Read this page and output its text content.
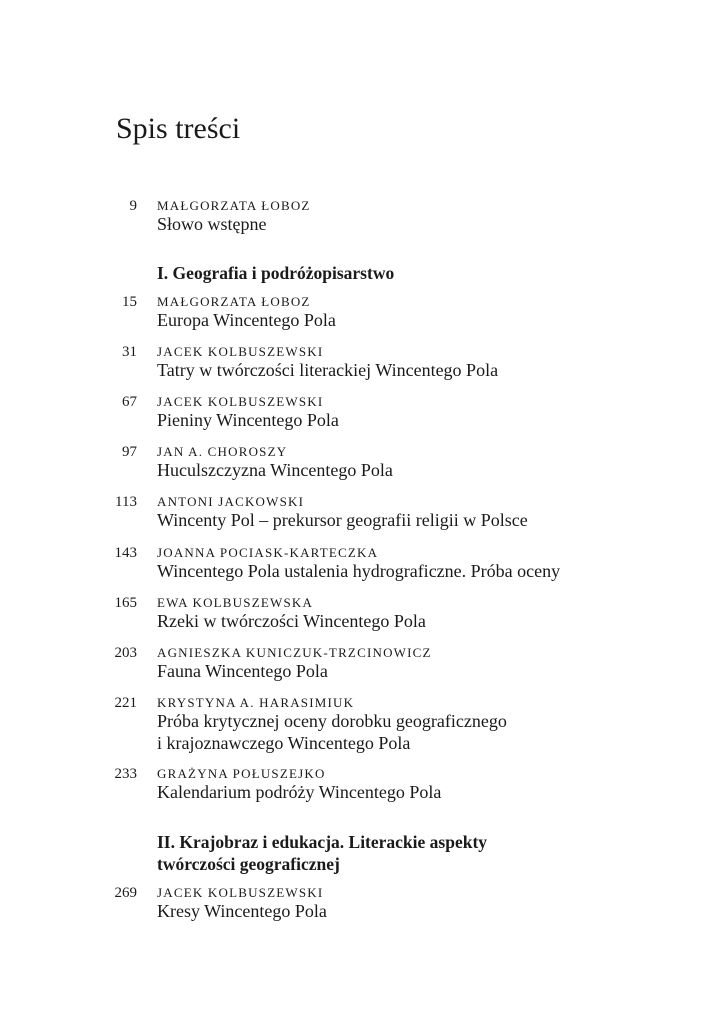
Spis treści
9 MAŁGORZATA ŁOBOZ
Słowo wstępne
I. Geografia i podróżopisarstwo
15 MAŁGORZATA ŁOBOZ
Europa Wincentego Pola
31 JACEK KOLBUSZEWSKI
Tatry w twórczości literackiej Wincentego Pola
67 JACEK KOLBUSZEWSKI
Pieniny Wincentego Pola
97 JAN A. CHOROSZY
Huculszczyzna Wincentego Pola
113 ANTONI JACKOWSKI
Wincenty Pol – prekursor geografii religii w Polsce
143 JOANNA POCIASK-KARTECZKA
Wincentego Pola ustalenia hydrograficzne. Próba oceny
165 EWA KOLBUSZEWSKA
Rzeki w twórczości Wincentego Pola
203 AGNIESZKA KUNICZUK-TRZCINOWICZ
Fauna Wincentego Pola
221 KRYSTYNA A. HARASIMIUK
Próba krytycznej oceny dorobku geograficznego
i krajoznawczego Wincentego Pola
233 GRAŻYNA POŁUSZEJKO
Kalendarium podróży Wincentego Pola
II. Krajobraz i edukacja. Literackie aspekty
twórczości geograficznej
269 JACEK KOLBUSZEWSKI
Kresy Wincentego Pola
